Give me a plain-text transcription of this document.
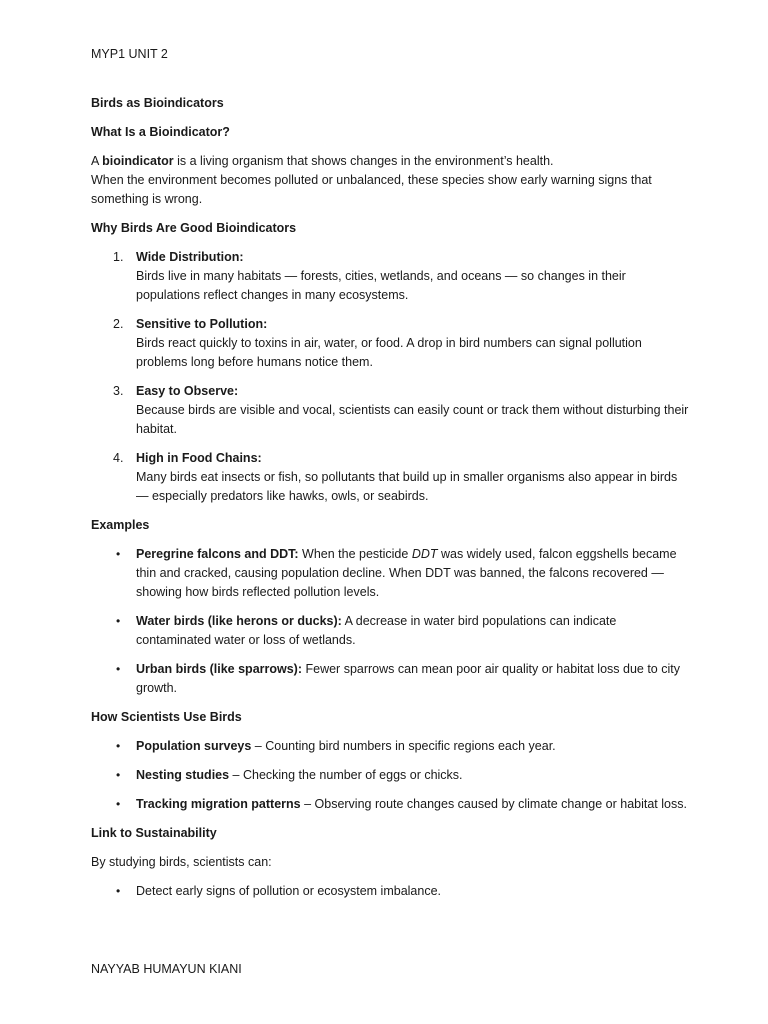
MYP1 UNIT 2

Birds as Bioindicators

What Is a Bioindicator?

A bioindicator is a living organism that shows changes in the environment’s health.
When the environment becomes polluted or unbalanced, these species show early warning signs that something is wrong.

Why Birds Are Good Bioindicators

1. Wide Distribution:
Birds live in many habitats — forests, cities, wetlands, and oceans — so changes in their populations reflect changes in many ecosystems.
2. Sensitive to Pollution:
Birds react quickly to toxins in air, water, or food. A drop in bird numbers can signal pollution problems long before humans notice them.
3. Easy to Observe:
Because birds are visible and vocal, scientists can easily count or track them without disturbing their habitat.
4. High in Food Chains:
Many birds eat insects or fish, so pollutants that build up in smaller organisms also appear in birds — especially predators like hawks, owls, or seabirds.

Examples

• Peregrine falcons and DDT: When the pesticide DDT was widely used, falcon eggshells became thin and cracked, causing population decline. When DDT was banned, the falcons recovered — showing how birds reflected pollution levels.
• Water birds (like herons or ducks): A decrease in water bird populations can indicate contaminated water or loss of wetlands.
• Urban birds (like sparrows): Fewer sparrows can mean poor air quality or habitat loss due to city growth.

How Scientists Use Birds

• Population surveys – Counting bird numbers in specific regions each year.
• Nesting studies – Checking the number of eggs or chicks.
• Tracking migration patterns – Observing route changes caused by climate change or habitat loss.

Link to Sustainability

By studying birds, scientists can:

• Detect early signs of pollution or ecosystem imbalance.
NAYYAB HUMAYUN KIANI
